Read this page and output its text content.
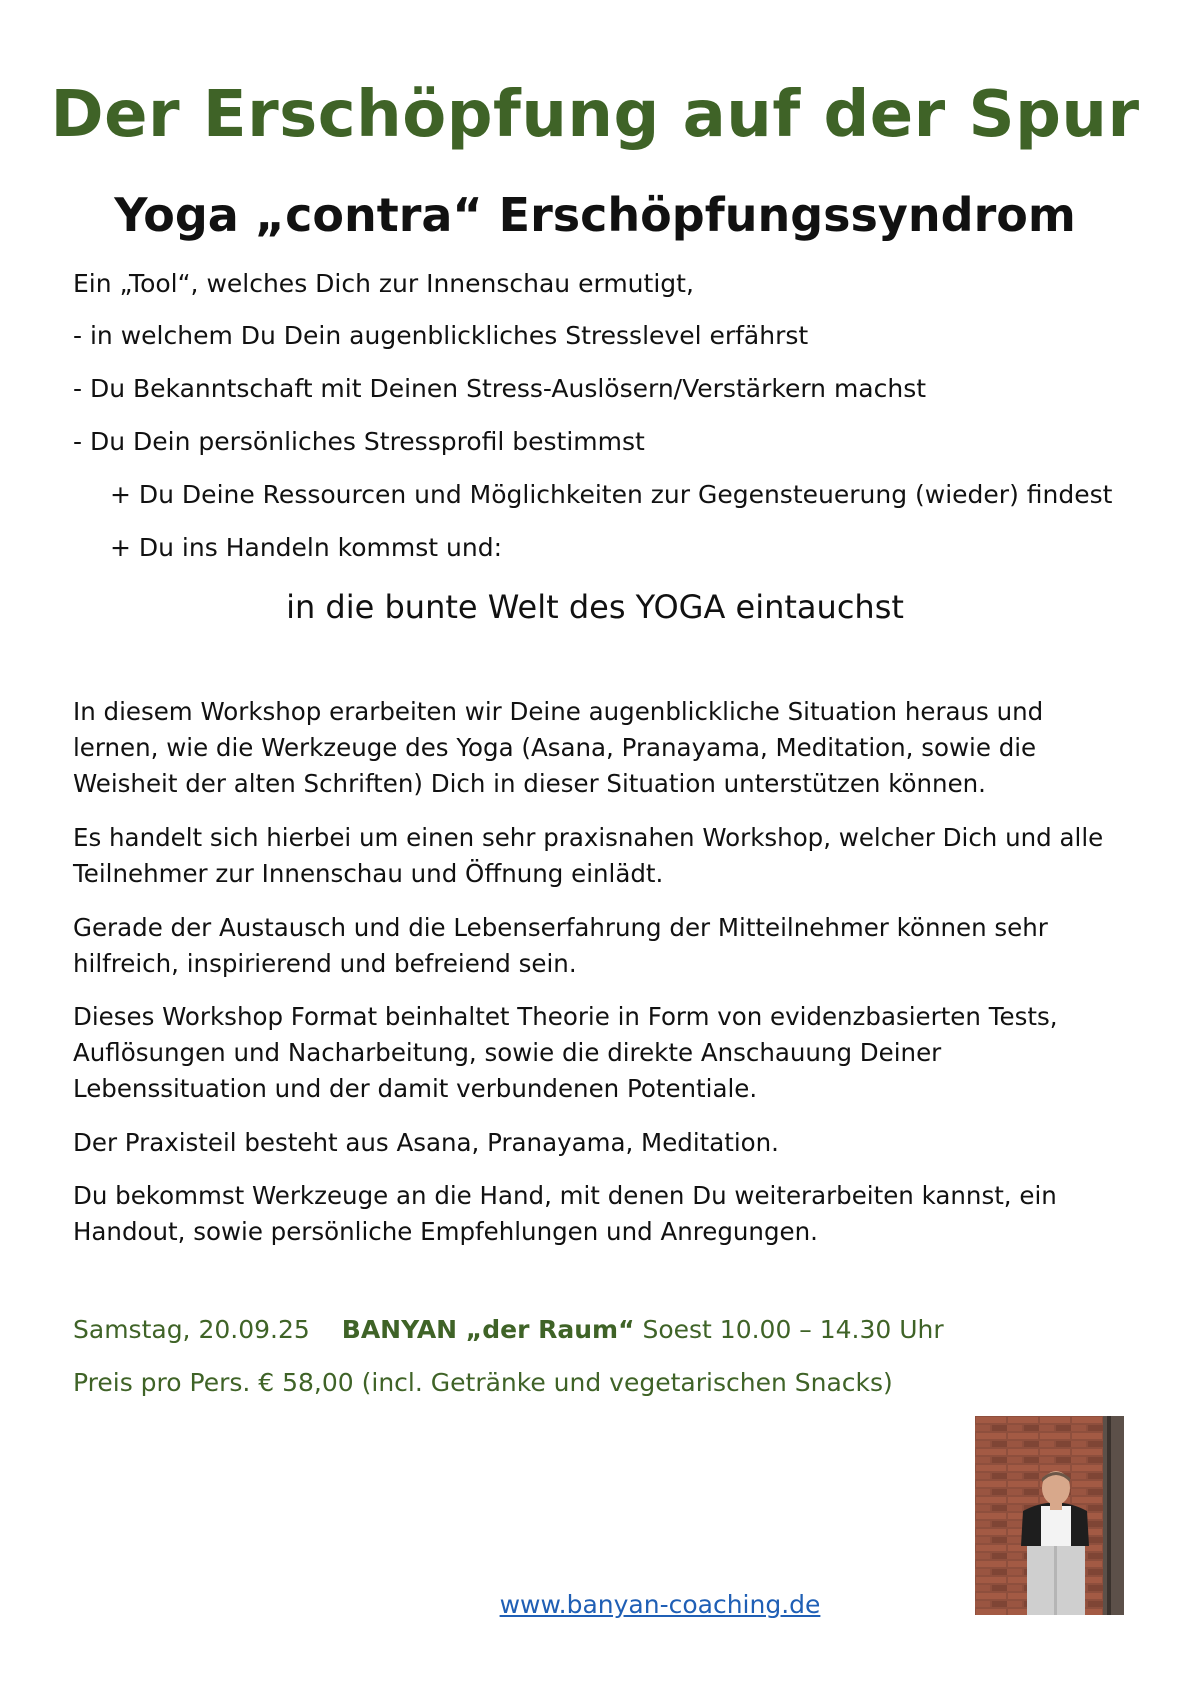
Der Erschöpfung auf der Spur
Yoga „contra“ Erschöpfungssyndrom

Ein „Tool“, welches Dich zur Innenschau ermutigt,

- in welchem Du Dein augenblickliches Stresslevel erfährst

- Du Bekanntschaft mit Deinen Stress-Auslösern/Verstärkern machst

- Du Dein persönliches Stressprofil bestimmst

+ Du Deine Ressourcen und Möglichkeiten zur Gegensteuerung (wieder) findest

+ Du ins Handeln kommst und:

in die bunte Welt des YOGA eintauchst

In diesem Workshop erarbeiten wir Deine augenblickliche Situation heraus und lernen, wie die Werkzeuge des Yoga (Asana, Pranayama, Meditation, sowie die Weisheit der alten Schriften) Dich in dieser Situation unterstützen können.

Es handelt sich hierbei um einen sehr praxisnahen Workshop, welcher Dich und alle Teilnehmer zur Innenschau und Öffnung einlädt.

Gerade der Austausch und die Lebenserfahrung der Mitteilnehmer können sehr hilfreich, inspirierend und befreiend sein.

Dieses Workshop Format beinhaltet Theorie in Form von evidenzbasierten Tests, Auflösungen und Nacharbeitung, sowie die direkte Anschauung Deiner Lebenssituation und der damit verbundenen Potentiale.

Der Praxisteil besteht aus Asana, Pranayama, Meditation.

Du bekommst Werkzeuge an die Hand, mit denen Du weiterarbeiten kannst, ein Handout, sowie persönliche Empfehlungen und Anregungen.

Samstag, 20.09.25 BANYAN „der Raum“ Soest 10.00 – 14.30 Uhr

Preis pro Pers. € 58,00 (incl. Getränke und vegetarischen Snacks)

www.banyan-coaching.de
